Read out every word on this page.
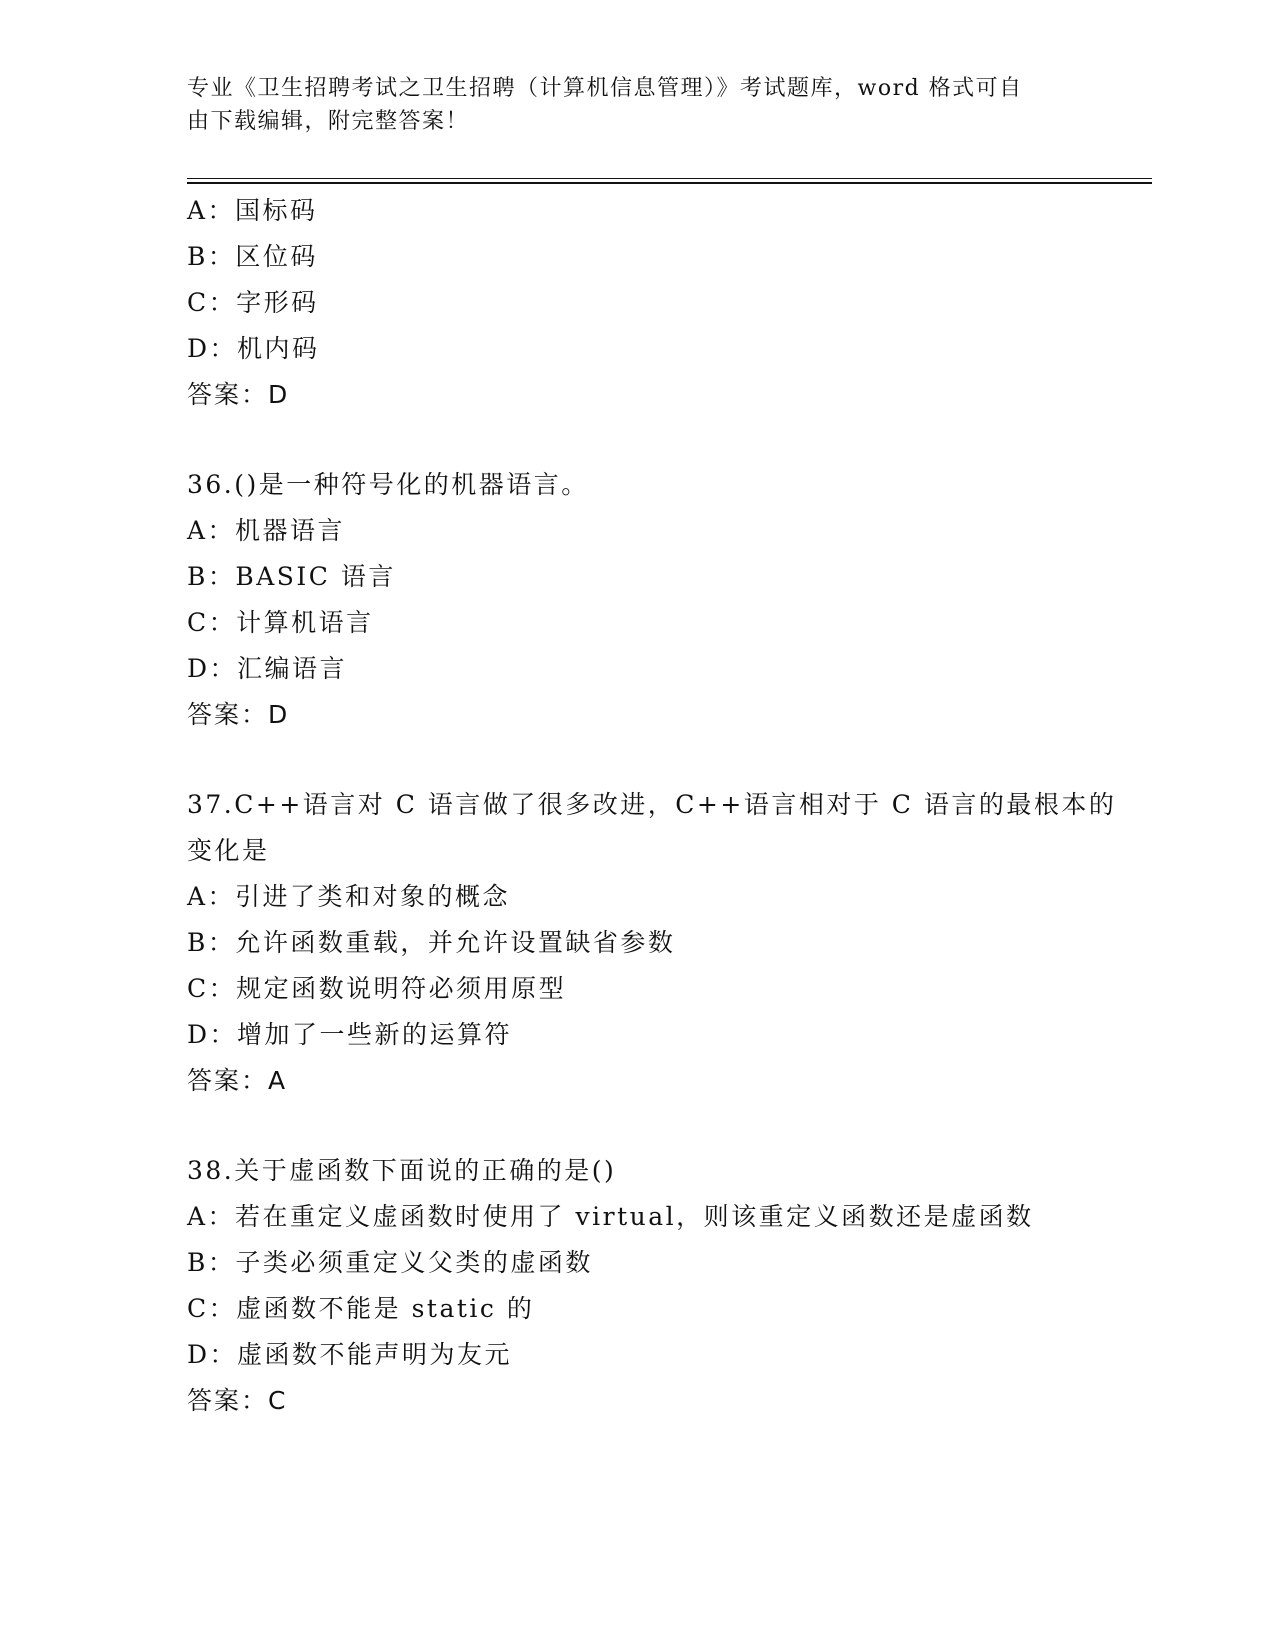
专业《卫生招聘考试之卫生招聘（计算机信息管理）》考试题库，word 格式可自
由下载编辑，附完整答案！
A：国标码
B：区位码
C：字形码
D：机内码
答案：D
36.()是一种符号化的机器语言。
A：机器语言
B：BASIC 语言
C：计算机语言
D：汇编语言
答案：D
37.C++语言对 C 语言做了很多改进，C++语言相对于 C 语言的最根本的
变化是
A：引进了类和对象的概念
B：允许函数重载，并允许设置缺省参数
C：规定函数说明符必须用原型
D：增加了一些新的运算符
答案：A
38.关于虚函数下面说的正确的是()
A：若在重定义虚函数时使用了 virtual，则该重定义函数还是虚函数
B：子类必须重定义父类的虚函数
C：虚函数不能是 static 的
D：虚函数不能声明为友元
答案：C
